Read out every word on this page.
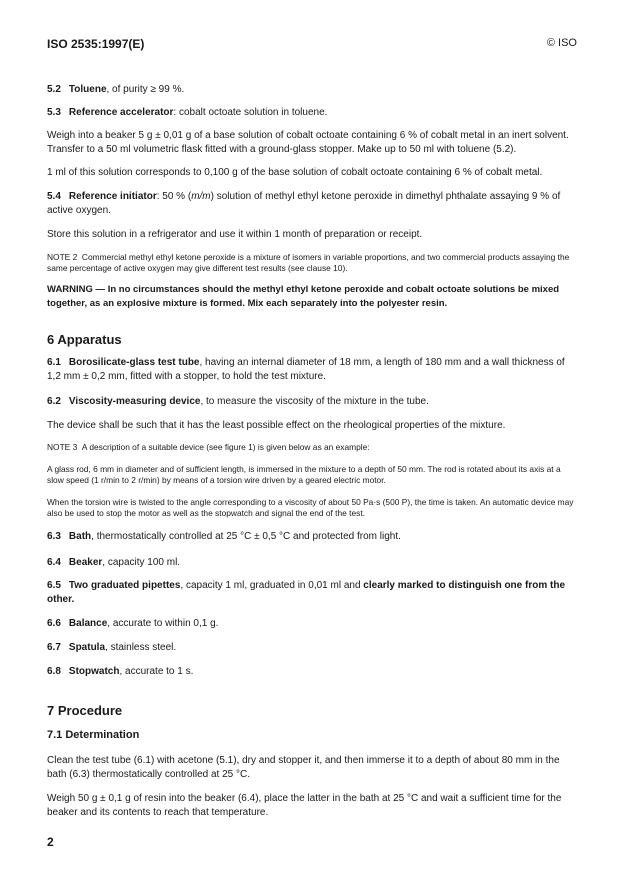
ISO 2535:1997(E)	© ISO
5.2 Toluene, of purity ≥ 99 %.
5.3 Reference accelerator: cobalt octoate solution in toluene.
Weigh into a beaker 5 g ± 0,01 g of a base solution of cobalt octoate containing 6 % of cobalt metal in an inert solvent. Transfer to a 50 ml volumetric flask fitted with a ground-glass stopper. Make up to 50 ml with toluene (5.2).
1 ml of this solution corresponds to 0,100 g of the base solution of cobalt octoate containing 6 % of cobalt metal.
5.4 Reference initiator: 50 % (m/m) solution of methyl ethyl ketone peroxide in dimethyl phthalate assaying 9 % of active oxygen.
Store this solution in a refrigerator and use it within 1 month of preparation or receipt.
NOTE 2 Commercial methyl ethyl ketone peroxide is a mixture of isomers in variable proportions, and two commercial products assaying the same percentage of active oxygen may give different test results (see clause 10).
WARNING — In no circumstances should the methyl ethyl ketone peroxide and cobalt octoate solutions be mixed together, as an explosive mixture is formed. Mix each separately into the polyester resin.
6 Apparatus
6.1 Borosilicate-glass test tube, having an internal diameter of 18 mm, a length of 180 mm and a wall thickness of 1,2 mm ± 0,2 mm, fitted with a stopper, to hold the test mixture.
6.2 Viscosity-measuring device, to measure the viscosity of the mixture in the tube.
The device shall be such that it has the least possible effect on the rheological properties of the mixture.
NOTE 3 A description of a suitable device (see figure 1) is given below as an example:
A glass rod, 6 mm in diameter and of sufficient length, is immersed in the mixture to a depth of 50 mm. The rod is rotated about its axis at a slow speed (1 r/min to 2 r/min) by means of a torsion wire driven by a geared electric motor.
When the torsion wire is twisted to the angle corresponding to a viscosity of about 50 Pa·s (500 P), the time is taken. An automatic device may also be used to stop the motor as well as the stopwatch and signal the end of the test.
6.3 Bath, thermostatically controlled at 25 °C ± 0,5 °C and protected from light.
6.4 Beaker, capacity 100 ml.
6.5 Two graduated pipettes, capacity 1 ml, graduated in 0,01 ml and clearly marked to distinguish one from the other.
6.6 Balance, accurate to within 0,1 g.
6.7 Spatula, stainless steel.
6.8 Stopwatch, accurate to 1 s.
7 Procedure
7.1 Determination
Clean the test tube (6.1) with acetone (5.1), dry and stopper it, and then immerse it to a depth of about 80 mm in the bath (6.3) thermostatically controlled at 25 °C.
Weigh 50 g ± 0,1 g of resin into the beaker (6.4), place the latter in the bath at 25 °C and wait a sufficient time for the beaker and its contents to reach that temperature.
2
